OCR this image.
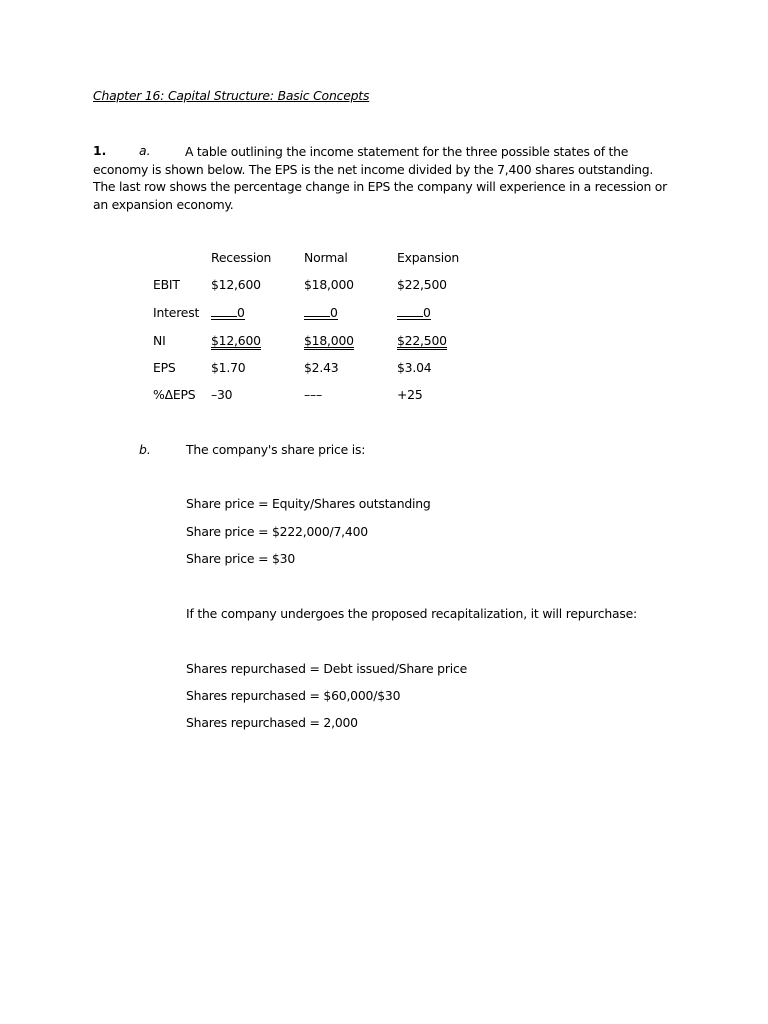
Chapter 16: Capital Structure: Basic Concepts
A table outlining the income statement for the three possible states of the economy is shown below. The EPS is the net income divided by the 7,400 shares outstanding. The last row shows the percentage change in EPS the company will experience in a recession or an expansion economy.
1.	a.
Recession	Normal	Expansion
EBIT	$12,600	$18,000	$22,500
Interest	0	0	0
NI	$12,600	$18,000	$22,500
EPS	$1.70	$2.43	$3.04
%ΔEPS –30	–––	+25
b.	The company's share price is:
Share price = Equity/Shares outstanding
Share price = $222,000/7,400
Share price = $30
If the company undergoes the proposed recapitalization, it will repurchase:
Shares repurchased = Debt issued/Share price
Shares repurchased = $60,000/$30
Shares repurchased = 2,000
